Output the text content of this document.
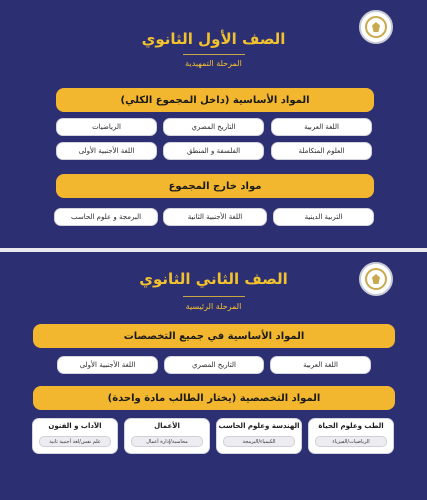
الصف الأول الثانوي
المرحلة التمهيدية
المواد الأساسية (داخل المجموع الكلي)
اللغة العربية
التاريخ المصري
الرياضيات
العلوم المتكاملة
الفلسفة و المنطق
اللغة الأجنبية الأولى
مواد خارج المجموع
التربية الدينية
اللغة الأجنبية الثانية
البرمجة و علوم الحاسب
الصف الثاني الثانوي
المرحلة الرئيسية
المواد الأساسية في جميع التخصصات
اللغة العربية
التاريخ المصري
اللغة الأجنبية الأولى
المواد التخصصية (يختار الطالب مادة واحدة)
الطب وعلوم الحياة
الرياضيات/الفيزياء
الهندسة وعلوم الحاسب
الكيمياء/البرمجة
الأعمال
محاسبة/إدارة أعمال
الآداب و الفنون
علم نفس/لغة أجنبية ثانية
